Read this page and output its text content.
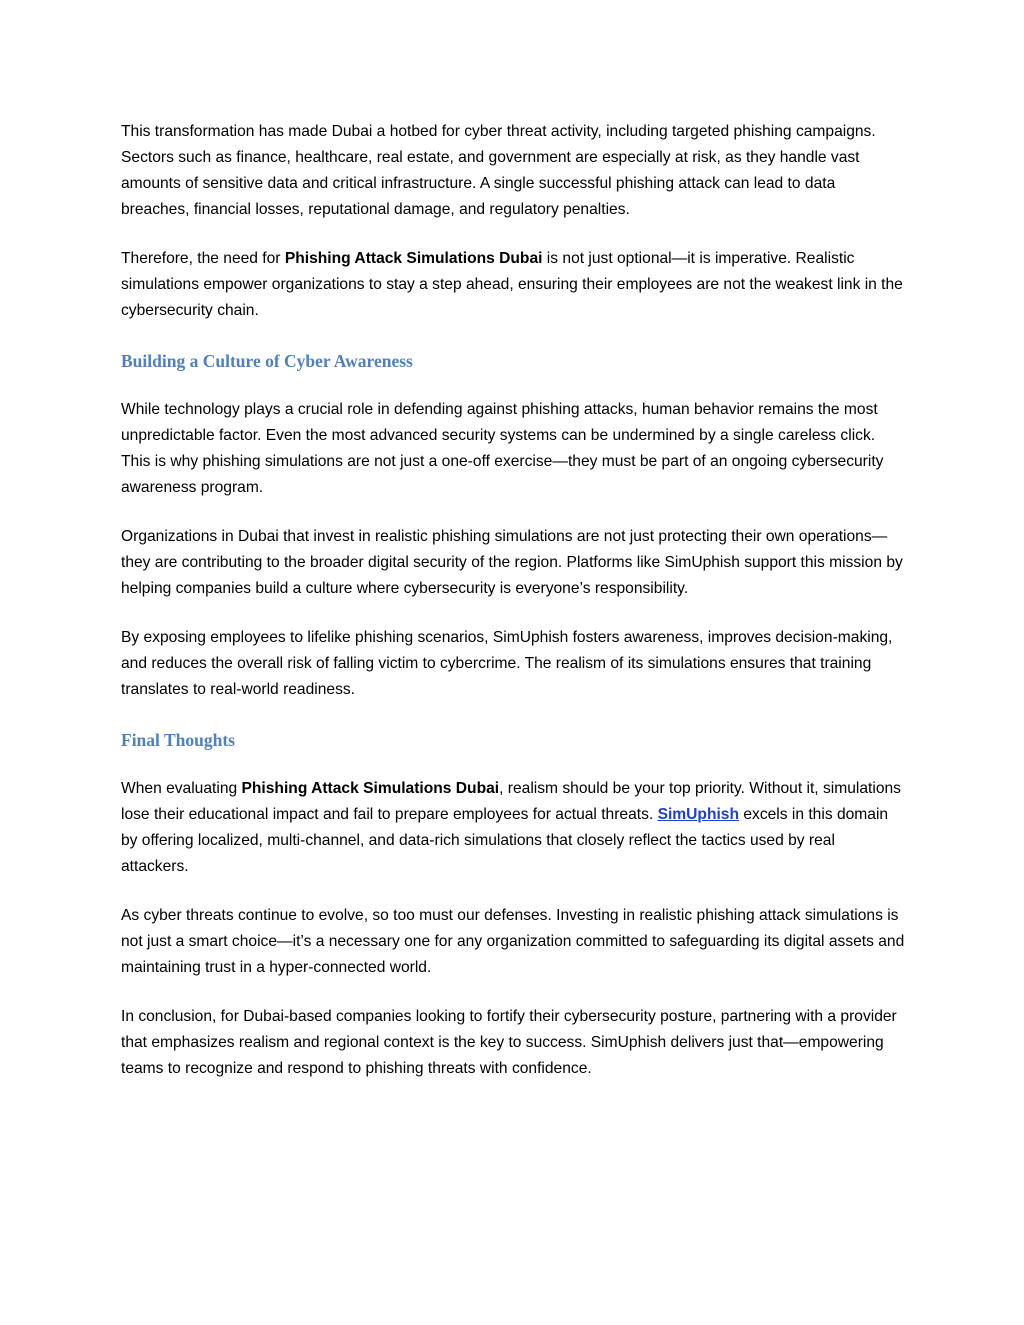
This transformation has made Dubai a hotbed for cyber threat activity, including targeted phishing campaigns. Sectors such as finance, healthcare, real estate, and government are especially at risk, as they handle vast amounts of sensitive data and critical infrastructure. A single successful phishing attack can lead to data breaches, financial losses, reputational damage, and regulatory penalties.

Therefore, the need for Phishing Attack Simulations Dubai is not just optional—it is imperative. Realistic simulations empower organizations to stay a step ahead, ensuring their employees are not the weakest link in the cybersecurity chain.

Building a Culture of Cyber Awareness

While technology plays a crucial role in defending against phishing attacks, human behavior remains the most unpredictable factor. Even the most advanced security systems can be undermined by a single careless click. This is why phishing simulations are not just a one-off exercise—they must be part of an ongoing cybersecurity awareness program.

Organizations in Dubai that invest in realistic phishing simulations are not just protecting their own operations—they are contributing to the broader digital security of the region. Platforms like SimUphish support this mission by helping companies build a culture where cybersecurity is everyone’s responsibility.

By exposing employees to lifelike phishing scenarios, SimUphish fosters awareness, improves decision-making, and reduces the overall risk of falling victim to cybercrime. The realism of its simulations ensures that training translates to real-world readiness.

Final Thoughts

When evaluating Phishing Attack Simulations Dubai, realism should be your top priority. Without it, simulations lose their educational impact and fail to prepare employees for actual threats. SimUphish excels in this domain by offering localized, multi-channel, and data-rich simulations that closely reflect the tactics used by real attackers.

As cyber threats continue to evolve, so too must our defenses. Investing in realistic phishing attack simulations is not just a smart choice—it’s a necessary one for any organization committed to safeguarding its digital assets and maintaining trust in a hyper-connected world.

In conclusion, for Dubai-based companies looking to fortify their cybersecurity posture, partnering with a provider that emphasizes realism and regional context is the key to success. SimUphish delivers just that—empowering teams to recognize and respond to phishing threats with confidence.
